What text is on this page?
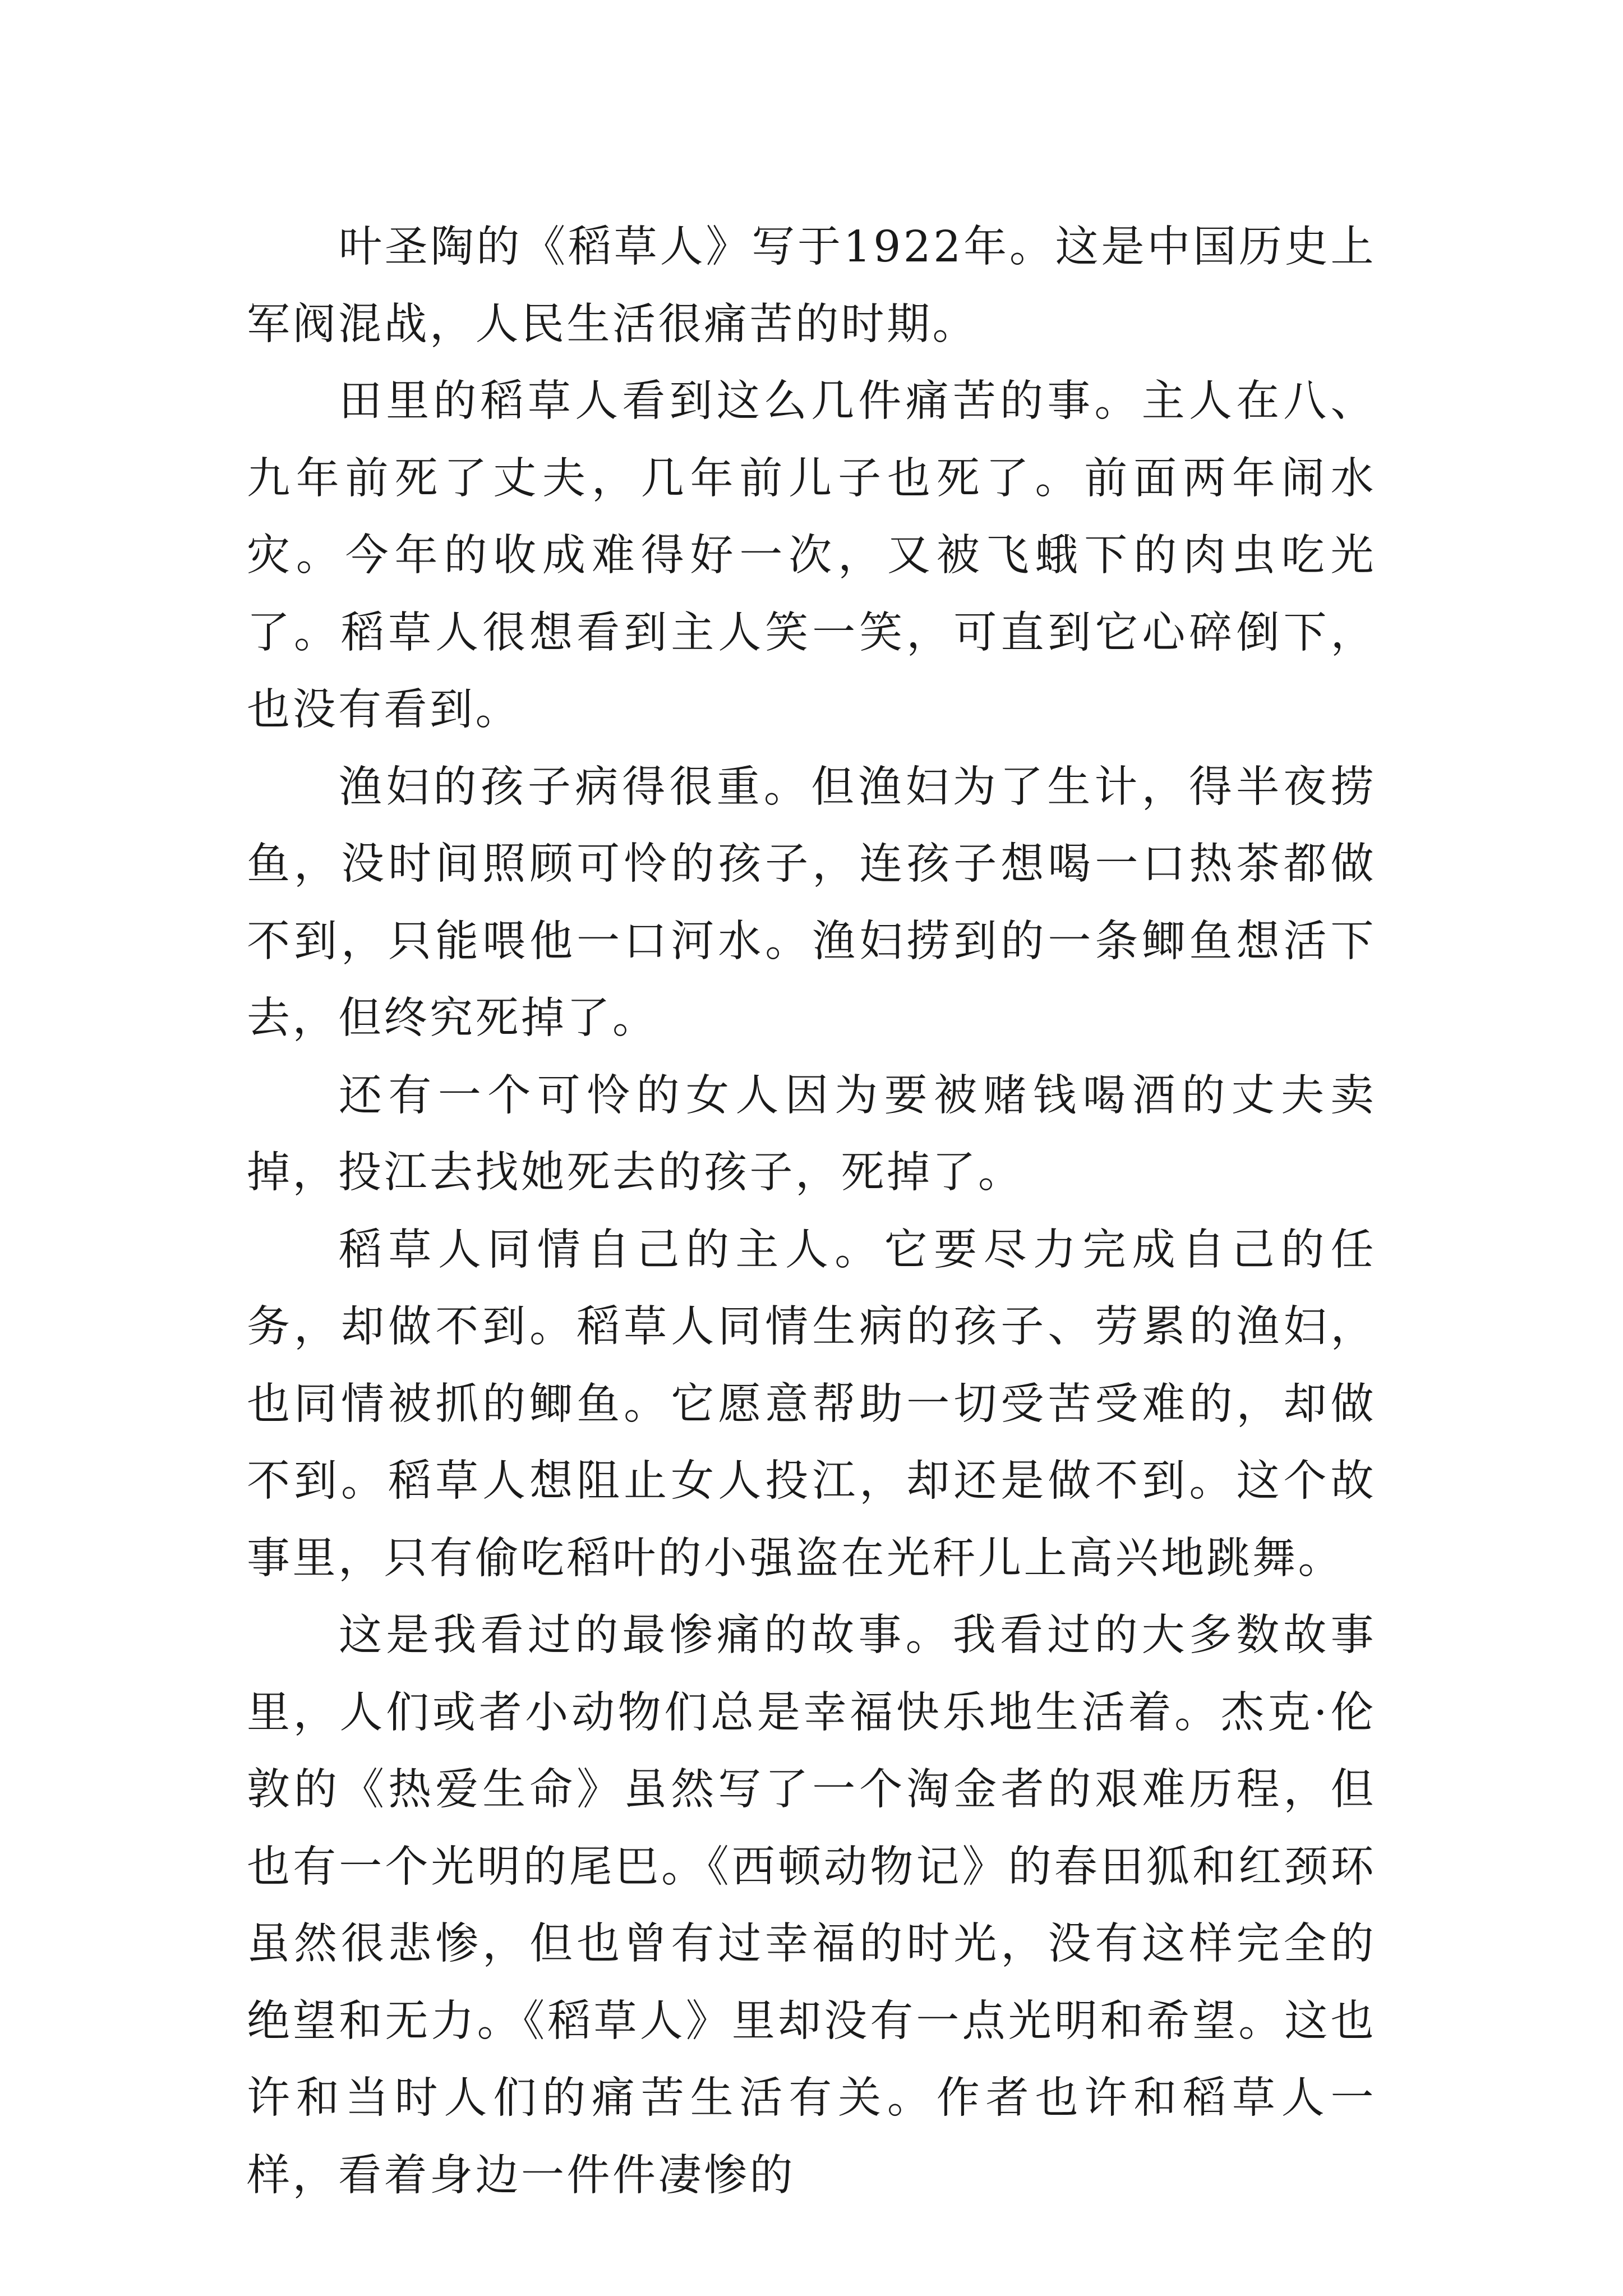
叶圣陶的《稻草人》写于1922年。这是中国历史上军阀混战，人民生活很痛苦的时期。

田里的稻草人看到这么几件痛苦的事。主人在八、九年前死了丈夫，几年前儿子也死了。前面两年闹水灾。今年的收成难得好一次，又被飞蛾下的肉虫吃光了。稻草人很想看到主人笑一笑，可直到它心碎倒下，也没有看到。

渔妇的孩子病得很重。但渔妇为了生计，得半夜捞鱼，没时间照顾可怜的孩子，连孩子想喝一口热茶都做不到，只能喂他一口河水。渔妇捞到的一条鲫鱼想活下去，但终究死掉了。

还有一个可怜的女人因为要被赌钱喝酒的丈夫卖掉，投江去找她死去的孩子，死掉了。

稻草人同情自己的主人。它要尽力完成自己的任务，却做不到。稻草人同情生病的孩子、劳累的渔妇，也同情被抓的鲫鱼。它愿意帮助一切受苦受难的，却做不到。稻草人想阻止女人投江，却还是做不到。这个故事里，只有偷吃稻叶的小强盗在光秆儿上高兴地跳舞。

这是我看过的最惨痛的故事。我看过的大多数故事里，人们或者小动物们总是幸福快乐地生活着。杰克·伦敦的《热爱生命》虽然写了一个淘金者的艰难历程，但也有一个光明的尾巴。《西顿动物记》的春田狐和红颈环虽然很悲惨，但也曾有过幸福的时光，没有这样完全的绝望和无力。《稻草人》里却没有一点光明和希望。这也许和当时人们的痛苦生活有关。作者也许和稻草人一样，看着身边一件件凄惨的
